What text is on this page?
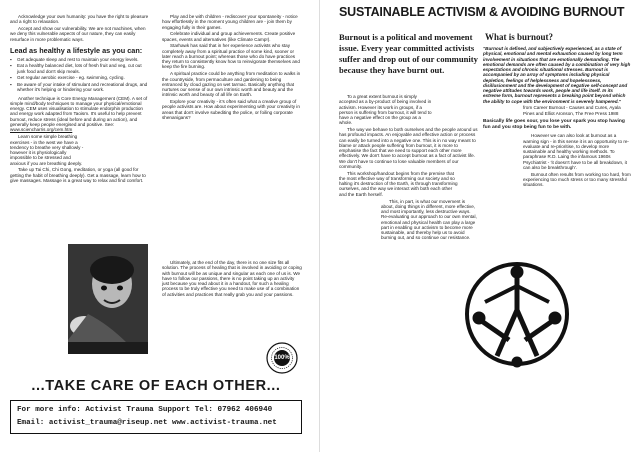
Acknowledge your own humanity: you have the right to pleasure and a right to relaxation.

Accept and show our vulnerability. We are not machines, when we deny this vulnerable aspects of our nature, they can easily resurface in more problematic ways.

Lead as healthy a lifestyle as you can:
▪ Get adequate sleep and rest to maintain your energy levels.
▪ Eat a healthy balanced diet, lots of fresh fruit and veg, cut out junk food and don't skip meals.
▪ Get regular aerobic exercise - eg. swimming, cycling.
▪ Be aware of your intake of stimulant and recreational drugs, and whether it's helping or hindering your work.

Another technique is Core Energy Management (CEM). A set of simple mind/body techniques to manage your physical/emotional energy. CEM uses visualisation to stimulate endorphin production and energy work adapted from Taoism. It's useful to help prevent burnout, reduce stress (ideal before and during an action), and generally keep people energised and positive. See: www.sciencharris.org/cem.htm

Learn some simple breathing exercises - in the west we have a tendency to breathe very shallowly - however it is physiologically impossible to be stressed and anxious if you are breathing deeply.

Take up Tai Chi, Chi Gong, meditation, or yoga (all good for getting the habit of breathing deeply). Get a massage, learn how to give massages. Massage is a great way to relax and find comfort.

Play and be with children - rediscover your spontaneity - notice how effortlessly in the moment young children are - join them by engaging fully in their games.

Celebrate individual and group achievements. Create positive spaces, events and alternatives (like Climate Camp!).

Starhawk has said that in her experience activists who stay completely away from a spiritual practice of some kind, sooner or later reach a burnout point; whereas those who do have practices they return to consistently know how to reinvigorate themselves and keep the fire burning.

A spiritual practice could be anything from meditation to walks in the countryside, from permaculture and gardening to being entranced by cloud gazing on wet tarmac. Basically anything that nurtures our sense of our own intrinsic worth and beauty and the intrinsic worth and beauty of all life on Earth.

Explore your creativity - it's often said what a creative group of people activists are. How about experimenting with your creativity in areas that don't involve subediting the police, or foiling corporate shenanigans?

Ultimately, at the end of the day, there is no one size fits all solution. The process of healing that is involved in avoiding or coping with burnout will be as unique and singular as each one of us is. We have to follow our passions, there is no point taking up an activity just because you read about it in a handout, for such a healing process to be truly effective you need to make use of a combination of activities and practices that really grab you and your passions.

100%
...TAKE CARE OF EACH OTHER...
For more info: Activist Trauma Support Tel: 07962 406940
Email: activist_trauma@riseup.net www.activist-trauma.net
SUSTAINABLE ACTIVISM & AVOIDING BURNOUT
Burnout is a political and movement issue. Every year committed activists suffer and drop out of our community because they have burnt out.
What is burnout?

To a great extent burnout is simply accepted as a by-product of being involved in activism. However its work in groups, if a person is suffering from burnout, it will tend to have a negative effect on the group as a whole.

The way we behave to both ourselves and the people around us has profound impacts. An enjoyable and effective action or process can easily be turned into a negative one. This is in no way meant to blame or attack people suffering from burnout, it is more to emphasise the fact that we need to support each other more effectively. We don't have to accept burnout as a fact of activist life. We don't have to continue to lose valuable members of our community.

This workshop/handout begins from the premise that the most effective way of transforming our society and so halting it's destruction of the Earth, is through transforming ourselves, and the way we interact with both each other and the Earth herself.

This, in part, is what our movement is about, doing things in different, more effective, and most importantly, less destructive ways. Re-evaluating our approach to our own mental, emotional and physical health can play a large part in enabling our activism to become more sustainable, and thereby help us to avoid burning out, and so continue our resistance.

"Burnout is defined, and subjectively experienced, as a state of physical, emotional and mental exhaustion caused by long term involvement in situations that are emotionally demanding. The emotional demands are often caused by a combination of very high expectations and chronic situational stresses. Burnout is accompanied by an array of symptoms including physical depletion, feelings of helplessness and hopelessness, disillusionment and the development of negative self-concept and negative attitudes towards work, people and life itself. In its extreme form, burnout represents a breaking point beyond which the ability to cope with the environment is severely hampered."

from Career Burnout - Causes and Cures, Ayala Pines and Elliot Aronson, The Free Press 1988

Basically life goes sour, you lose your spark you stop having fun and you stop being fun to be with.

However we can also look at burnout as a warning sign - in this sense it is an opportunity to re-evaluate and re-prioritise, to develop more sustainable and healthy working methods. To paraphrase R.D. Laing the infamous 1960s Psychiatrist - 'it doesn't have to be all breakdown, it can also be breakthrough'.

Burnout often results from working too hard, from experiencing too much stress or too many stressful situations.
